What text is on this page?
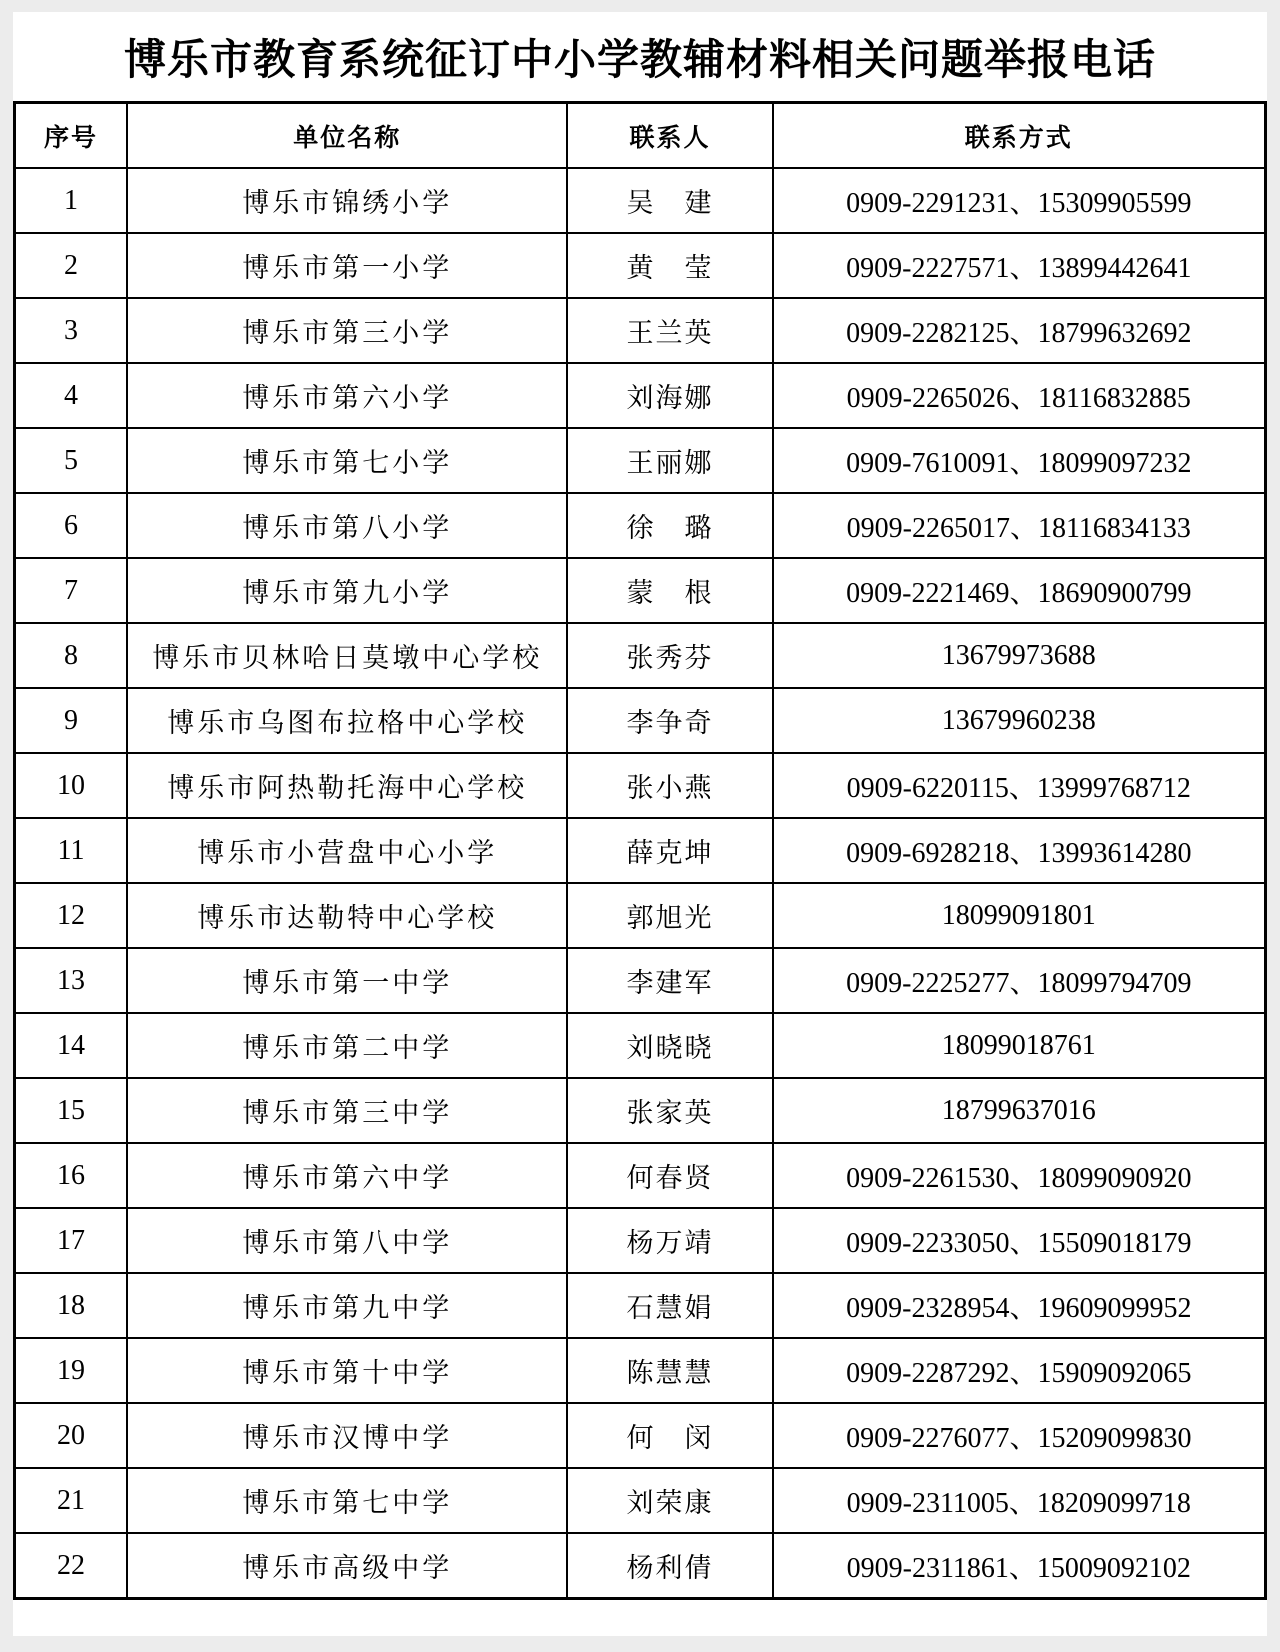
博乐市教育系统征订中小学教辅材料相关问题举报电话
序号	单位名称	联系人	联系方式
1	博乐市锦绣小学	吴　建	0909-2291231、15309905599
2	博乐市第一小学	黄　莹	0909-2227571、13899442641
3	博乐市第三小学	王兰英	0909-2282125、18799632692
4	博乐市第六小学	刘海娜	0909-2265026、18116832885
5	博乐市第七小学	王丽娜	0909-7610091、18099097232
6	博乐市第八小学	徐　璐	0909-2265017、18116834133
7	博乐市第九小学	蒙　根	0909-2221469、18690900799
8	博乐市贝林哈日莫墩中心学校	张秀芬	13679973688
9	博乐市乌图布拉格中心学校	李争奇	13679960238
10	博乐市阿热勒托海中心学校	张小燕	0909-6220115、13999768712
11	博乐市小营盘中心小学	薛克坤	0909-6928218、13993614280
12	博乐市达勒特中心学校	郭旭光	18099091801
13	博乐市第一中学	李建军	0909-2225277、18099794709
14	博乐市第二中学	刘晓晓	18099018761
15	博乐市第三中学	张家英	18799637016
16	博乐市第六中学	何春贤	0909-2261530、18099090920
17	博乐市第八中学	杨万靖	0909-2233050、15509018179
18	博乐市第九中学	石慧娟	0909-2328954、19609099952
19	博乐市第十中学	陈慧慧	0909-2287292、15909092065
20	博乐市汉博中学	何　闵	0909-2276077、15209099830
21	博乐市第七中学	刘荣康	0909-2311005、18209099718
22	博乐市高级中学	杨利倩	0909-2311861、15009092102
